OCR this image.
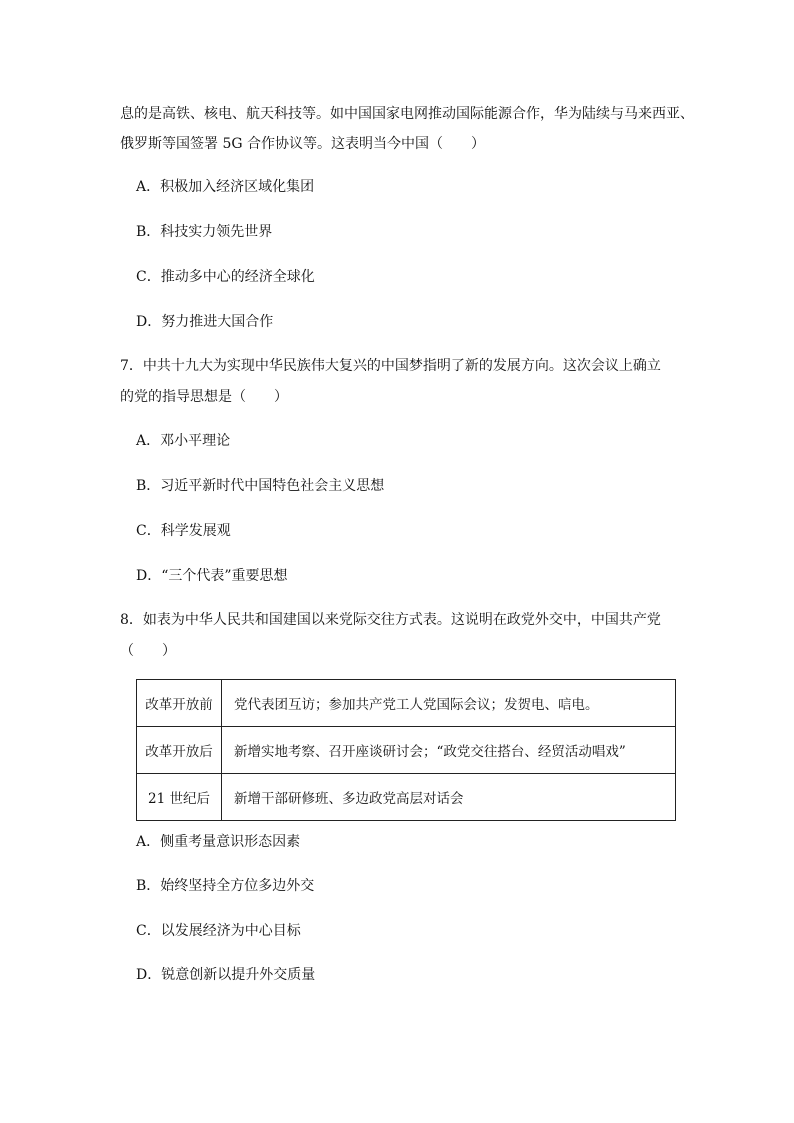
息的是高铁、核电、航天科技等。如中国国家电网推动国际能源合作，华为陆续与马来西亚、
俄罗斯等国签署 5G 合作协议等。这表明当今中国（　　）
A．积极加入经济区域化集团
B．科技实力领先世界
C．推动多中心的经济全球化
D．努力推进大国合作
7．中共十九大为实现中华民族伟大复兴的中国梦指明了新的发展方向。这次会议上确立
的党的指导思想是（　　）
A．邓小平理论
B．习近平新时代中国特色社会主义思想
C．科学发展观
D．“三个代表”重要思想
8．如表为中华人民共和国建国以来党际交往方式表。这说明在政党外交中，中国共产党
（　　）
改革开放前	党代表团互访；参加共产党工人党国际会议；发贺电、唁电。
改革开放后	新增实地考察、召开座谈研讨会；“政党交往搭台、经贸活动唱戏”
21 世纪后	新增干部研修班、多边政党高层对话会
A．侧重考量意识形态因素
B．始终坚持全方位多边外交
C．以发展经济为中心目标
D．锐意创新以提升外交质量
